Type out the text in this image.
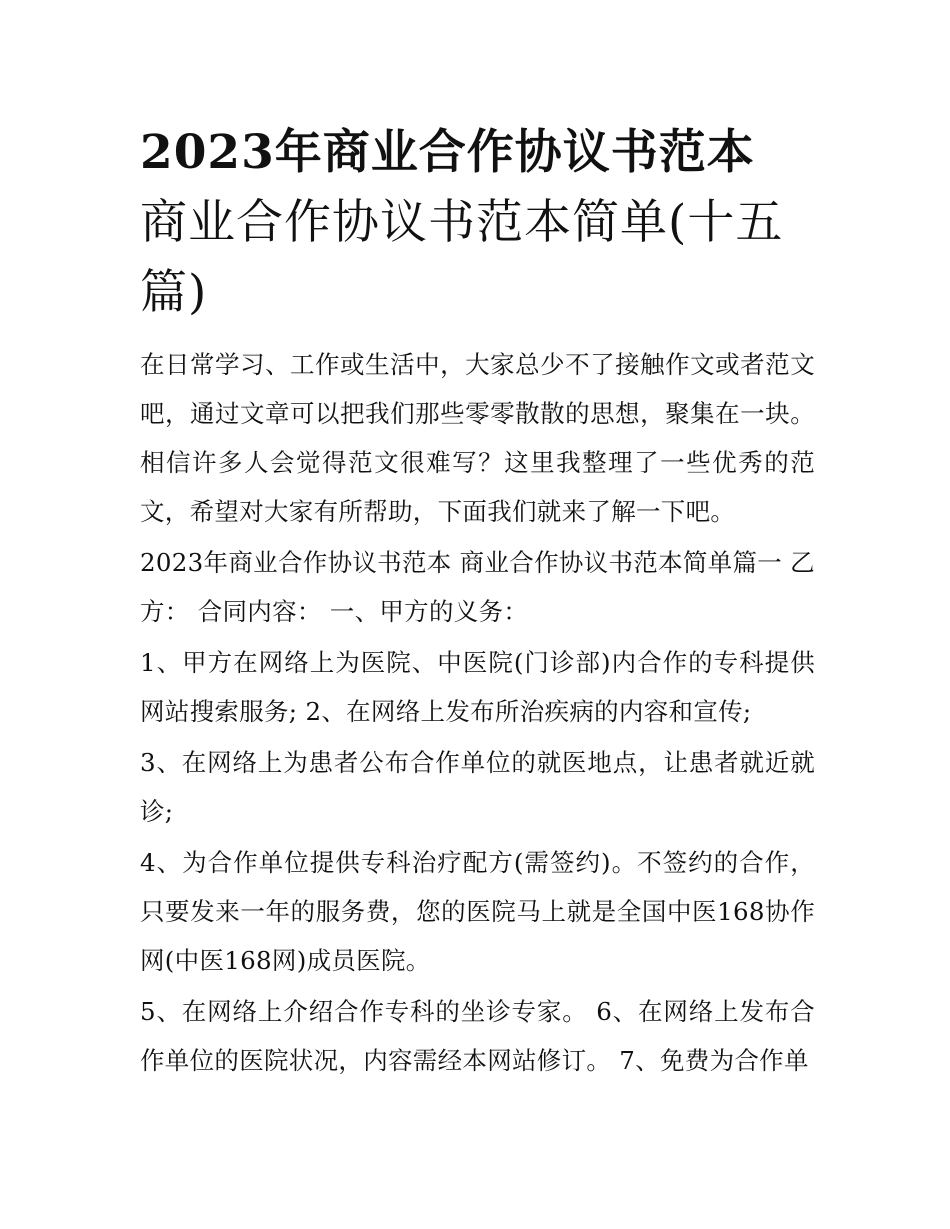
2023年商业合作协议书范本
商业合作协议书范本简单(十五篇)

在日常学习、工作或生活中，大家总少不了接触作文或者范文吧，通过文章可以把我们那些零零散散的思想，聚集在一块。相信许多人会觉得范文很难写？这里我整理了一些优秀的范文，希望对大家有所帮助，下面我们就来了解一下吧。

2023年商业合作协议书范本 商业合作协议书范本简单篇一 乙方： 合同内容： 一、甲方的义务：

1、甲方在网络上为医院、中医院(门诊部)内合作的专科提供网站搜索服务; 2、在网络上发布所治疾病的内容和宣传;

3、在网络上为患者公布合作单位的就医地点，让患者就近就诊;

4、为合作单位提供专科治疗配方(需签约)。不签约的合作，只要发来一年的服务费，您的医院马上就是全国中医168协作网(中医168网)成员医院。

5、在网络上介绍合作专科的坐诊专家。 6、在网络上发布合作单位的医院状况，内容需经本网站修订。 7、免费为合作单
